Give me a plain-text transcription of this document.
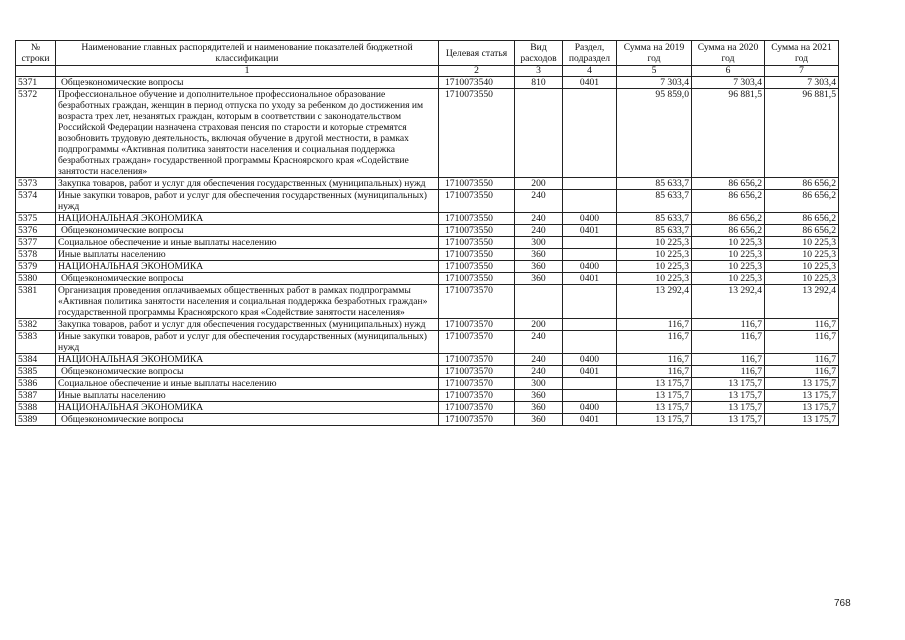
№ строки	Наименование главных распорядителей и наименование показателей бюджетной классификации	Целевая статья	Вид расходов	Раздел, подраздел	Сумма на 2019 год	Сумма на 2020 год	Сумма на 2021 год
	1	2	3	4	5	6	7
5371	Общеэкономические вопросы	1710073540	810	0401	7 303,4	7 303,4	7 303,4
5372	Профессиональное обучение и дополнительное профессиональное образование безработных граждан, женщин в период отпуска по уходу за ребенком до достижения им возраста трех лет, незанятых граждан, которым в соответствии с законодательством Российской Федерации назначена страховая пенсия по старости и которые стремятся возобновить трудовую деятельность, включая обучение в другой местности, в рамках подпрограммы «Активная политика занятости населения и социальная поддержка безработных граждан» государственной программы Красноярского края «Содействие занятости населения»	1710073550			95 859,0	96 881,5	96 881,5
5373	Закупка товаров, работ и услуг для обеспечения государственных (муниципальных) нужд	1710073550	200		85 633,7	86 656,2	86 656,2
5374	Иные закупки товаров, работ и услуг для обеспечения государственных (муниципальных) нужд	1710073550	240		85 633,7	86 656,2	86 656,2
5375	НАЦИОНАЛЬНАЯ ЭКОНОМИКА	1710073550	240	0400	85 633,7	86 656,2	86 656,2
5376	Общеэкономические вопросы	1710073550	240	0401	85 633,7	86 656,2	86 656,2
5377	Социальное обеспечение и иные выплаты населению	1710073550	300		10 225,3	10 225,3	10 225,3
5378	Иные выплаты населению	1710073550	360		10 225,3	10 225,3	10 225,3
5379	НАЦИОНАЛЬНАЯ ЭКОНОМИКА	1710073550	360	0400	10 225,3	10 225,3	10 225,3
5380	Общеэкономические вопросы	1710073550	360	0401	10 225,3	10 225,3	10 225,3
5381	Организация проведения оплачиваемых общественных работ в рамках подпрограммы «Активная политика занятости населения и социальная поддержка безработных граждан» государственной программы Красноярского края «Содействие занятости населения»	1710073570			13 292,4	13 292,4	13 292,4
5382	Закупка товаров, работ и услуг для обеспечения государственных (муниципальных) нужд	1710073570	200		116,7	116,7	116,7
5383	Иные закупки товаров, работ и услуг для обеспечения государственных (муниципальных) нужд	1710073570	240		116,7	116,7	116,7
5384	НАЦИОНАЛЬНАЯ ЭКОНОМИКА	1710073570	240	0400	116,7	116,7	116,7
5385	Общеэкономические вопросы	1710073570	240	0401	116,7	116,7	116,7
5386	Социальное обеспечение и иные выплаты населению	1710073570	300		13 175,7	13 175,7	13 175,7
5387	Иные выплаты населению	1710073570	360		13 175,7	13 175,7	13 175,7
5388	НАЦИОНАЛЬНАЯ ЭКОНОМИКА	1710073570	360	0400	13 175,7	13 175,7	13 175,7
5389	Общеэкономические вопросы	1710073570	360	0401	13 175,7	13 175,7	13 175,7
768
